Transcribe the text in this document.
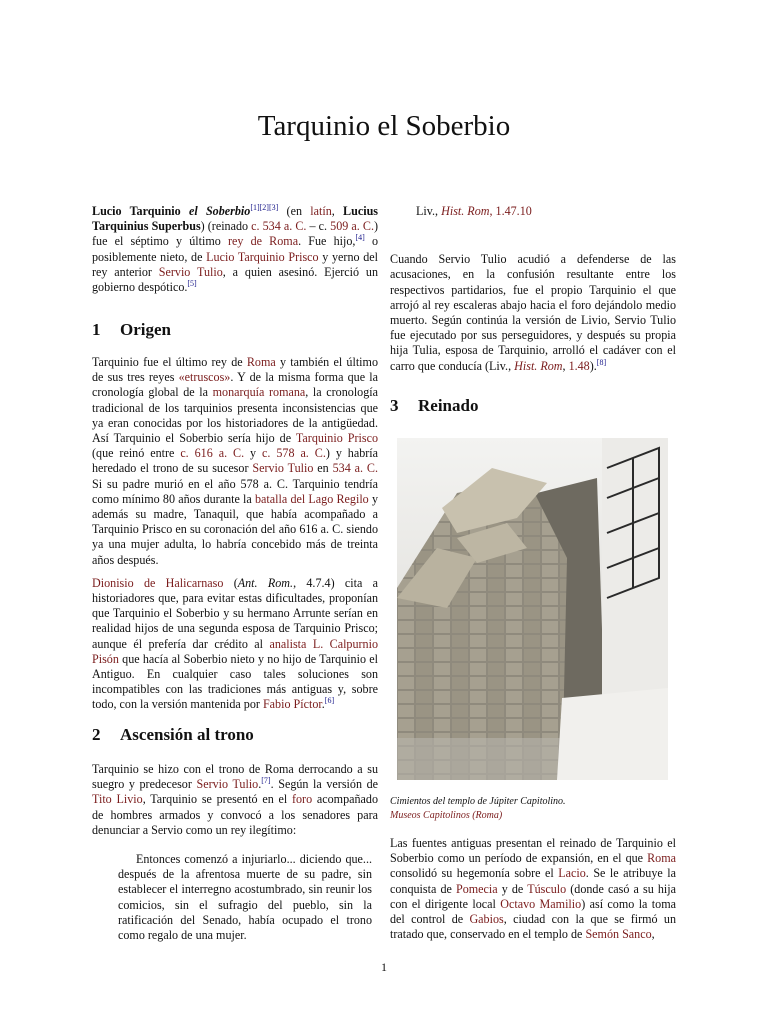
Tarquinio el Soberbio

Lucio Tarquinio el Soberbio[1][2][3] (en latín, Lucius Tarquinius Superbus) (reinado c. 534 a. C. – c. 509 a. C.) fue el séptimo y último rey de Roma. Fue hijo,[4] o posiblemente nieto, de Lucio Tarquinio Prisco y yerno del rey anterior Servio Tulio, a quien asesinó. Ejerció un gobierno despótico.[5]

1 Origen

Tarquinio fue el último rey de Roma y también el último de sus tres reyes «etruscos». Y de la misma forma que la cronología global de la monarquía romana, la cronología tradicional de los tarquinios presenta inconsistencias que ya eran conocidas por los historiadores de la antigüedad. Así Tarquinio el Soberbio sería hijo de Tarquinio Prisco (que reinó entre c. 616 a. C. y c. 578 a. C.) y habría heredado el trono de su sucesor Servio Tulio en 534 a. C. Si su padre murió en el año 578 a. C. Tarquinio tendría como mínimo 80 años durante la batalla del Lago Regilo y además su madre, Tanaquil, que había acompañado a Tarquinio Prisco en su coronación del año 616 a. C. siendo ya una mujer adulta, lo habría concebido más de treinta años después.

Dionisio de Halicarnaso (Ant. Rom., 4.7.4) cita a historiadores que, para evitar estas dificultades, proponían que Tarquinio el Soberbio y su hermano Arrunte serían en realidad hijos de una segunda esposa de Tarquinio Prisco; aunque él prefería dar crédito al analista L. Calpurnio Pisón que hacía al Soberbio nieto y no hijo de Tarquinio el Antiguo. En cualquier caso tales soluciones son incompatibles con las tradiciones más antiguas y, sobre todo, con la versión mantenida por Fabio Píctor.[6]

2 Ascensión al trono

Tarquinio se hizo con el trono de Roma derrocando a su suegro y predecesor Servio Tulio.[7]. Según la versión de Tito Livio, Tarquinio se presentó en el foro acompañado de hombres armados y convocó a los senadores para denunciar a Servio como un rey ilegítimo:

Entonces comenzó a injuriarlo... diciendo que... después de la afrentosa muerte de su padre, sin establecer el interregno acostumbrado, sin reunir los comicios, sin el sufragio del pueblo, sin la ratificación del Senado, había ocupado el trono como regalo de una mujer.
Liv., Hist. Rom, 1.47.10

Cuando Servio Tulio acudió a defenderse de las acusaciones, en la confusión resultante entre los respectivos partidarios, fue el propio Tarquinio el que arrojó al rey escaleras abajo hacia el foro dejándolo medio muerto. Según continúa la versión de Livio, Servio Tulio fue ejecutado por sus perseguidores, y después su propia hija Tulia, esposa de Tarquinio, arrolló el cadáver con el carro que conducía (Liv., Hist. Rom, 1.48).[8]

3 Reinado
Cimientos del templo de Júpiter Capitolino.
Museos Capitolinos (Roma)

Las fuentes antiguas presentan el reinado de Tarquinio el Soberbio como un período de expansión, en el que Roma consolidó su hegemonía sobre el Lacio. Se le atribuye la conquista de Pomecia y de Túsculo (donde casó a su hija con el dirigente local Octavo Mamilio) así como la toma del control de Gabios, ciudad con la que se firmó un tratado que, conservado en el templo de Semón Sanco,

1
